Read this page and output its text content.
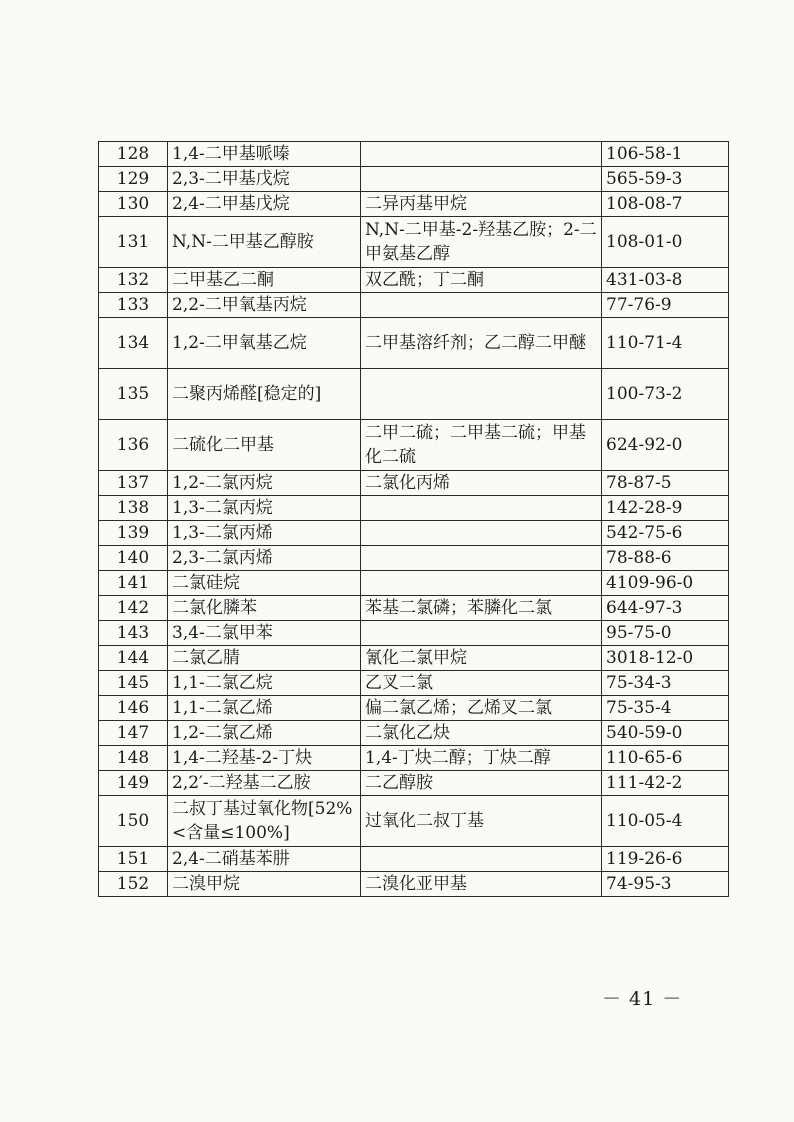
128	1,4-二甲基哌嗪		106-58-1
129	2,3-二甲基戊烷		565-59-3
130	2,4-二甲基戊烷	二异丙基甲烷	108-08-7
131	N,N-二甲基乙醇胺	N,N-二甲基-2-羟基乙胺；2-二甲氨基乙醇	108-01-0
132	二甲基乙二酮	双乙酰；丁二酮	431-03-8
133	2,2-二甲氧基丙烷		77-76-9
134	1,2-二甲氧基乙烷	二甲基溶纤剂；乙二醇二甲醚	110-71-4
135	二聚丙烯醛[稳定的]		100-73-2
136	二硫化二甲基	二甲二硫；二甲基二硫；甲基化二硫	624-92-0
137	1,2-二氯丙烷	二氯化丙烯	78-87-5
138	1,3-二氯丙烷		142-28-9
139	1,3-二氯丙烯		542-75-6
140	2,3-二氯丙烯		78-88-6
141	二氯硅烷		4109-96-0
142	二氯化膦苯	苯基二氯磷；苯膦化二氯	644-97-3
143	3,4-二氯甲苯		95-75-0
144	二氯乙腈	氰化二氯甲烷	3018-12-0
145	1,1-二氯乙烷	乙叉二氯	75-34-3
146	1,1-二氯乙烯	偏二氯乙烯；乙烯叉二氯	75-35-4
147	1,2-二氯乙烯	二氯化乙炔	540-59-0
148	1,4-二羟基-2-丁炔	1,4-丁炔二醇；丁炔二醇	110-65-6
149	2,2′-二羟基二乙胺	二乙醇胺	111-42-2
150	二叔丁基过氧化物[52%<含量≤100%]	过氧化二叔丁基	110-05-4
151	2,4-二硝基苯肼		119-26-6
152	二溴甲烷	二溴化亚甲基	74-95-3
－ 41 －
